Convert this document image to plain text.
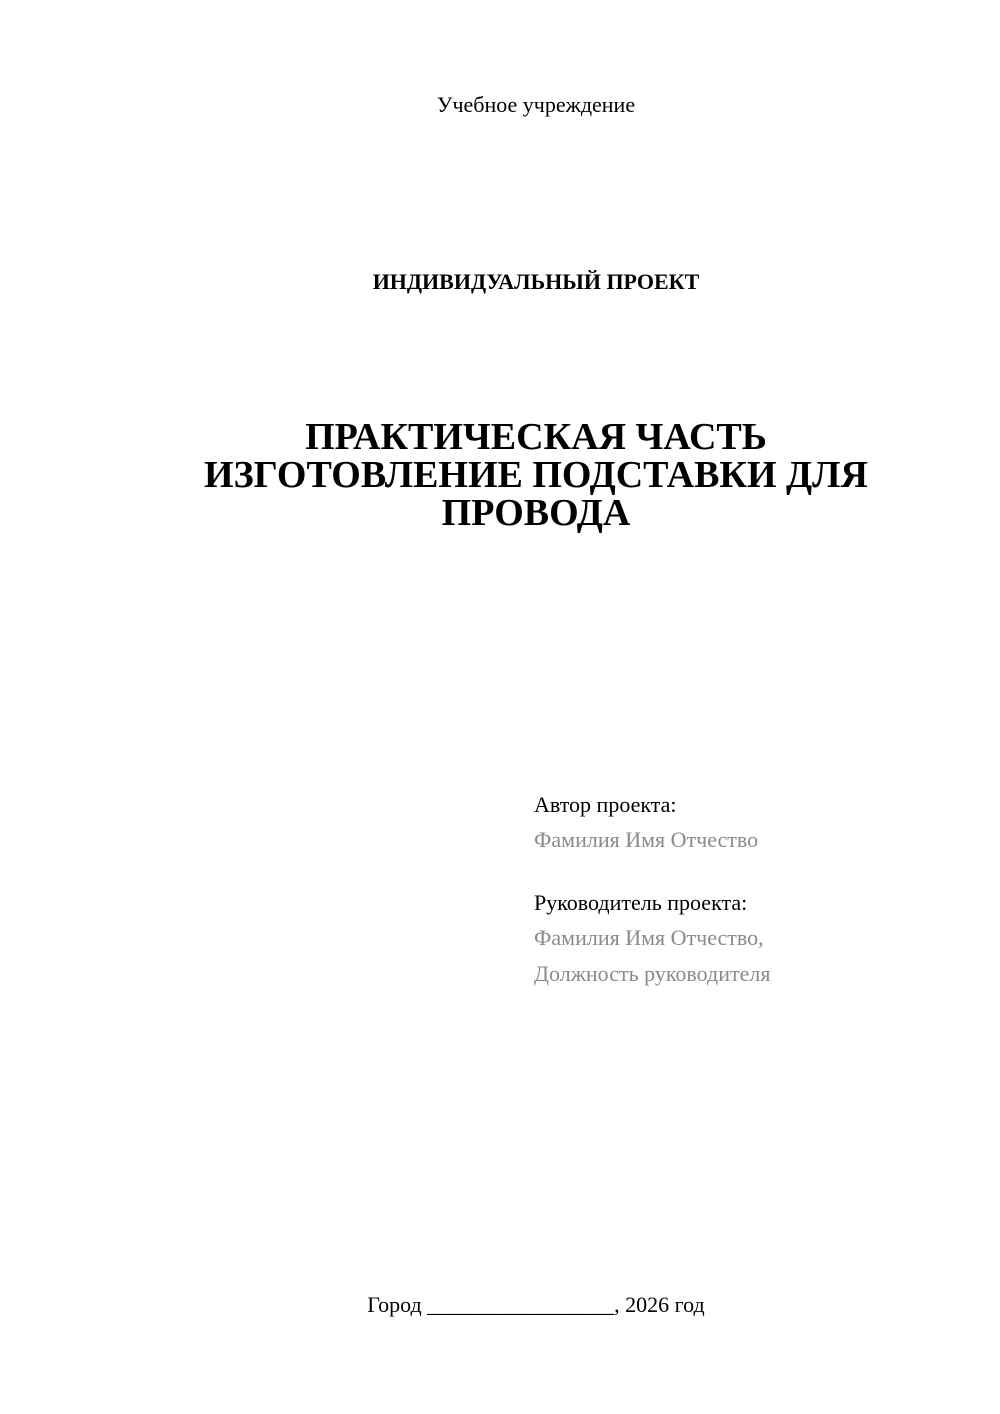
Учебное учреждение

ИНДИВИДУАЛЬНЫЙ ПРОЕКТ

ПРАКТИЧЕСКАЯ ЧАСТЬ
ИЗГОТОВЛЕНИЕ ПОДСТАВКИ ДЛЯ
ПРОВОДА
Автор проекта:
Фамилия Имя Отчество
Руководитель проекта:
Фамилия Имя Отчество,
Должность руководителя

Город _________________, 2026 год
